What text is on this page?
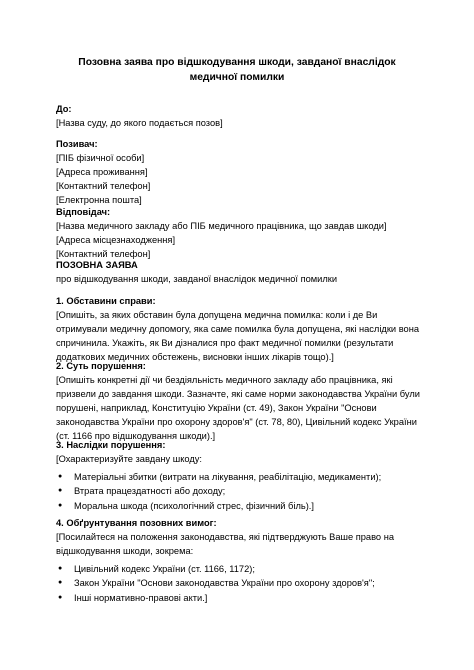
Позовна заява про відшкодування шкоди, завданої внаслідок медичної помилки
До:
[Назва суду, до якого подається позов]
Позивач:
[ПІБ фізичної особи]
[Адреса проживання]
[Контактний телефон]
[Електронна пошта]
Відповідач:
[Назва медичного закладу або ПІБ медичного працівника, що завдав шкоди]
[Адреса місцезнаходження]
[Контактний телефон]
ПОЗОВНА ЗАЯВА
про відшкодування шкоди, завданої внаслідок медичної помилки
1. Обставини справи:
[Опишіть, за яких обставин була допущена медична помилка: коли і де Ви отримували медичну допомогу, яка саме помилка була допущена, які наслідки вона спричинила. Укажіть, як Ви дізналися про факт медичної помилки (результати додаткових медичних обстежень, висновки інших лікарів тощо).]
2. Суть порушення:
[Опишіть конкретні дії чи бездіяльність медичного закладу або працівника, які призвели до завдання шкоди. Зазначте, які саме норми законодавства України були порушені, наприклад, Конституцію України (ст. 49), Закон України "Основи законодавства України про охорону здоров'я" (ст. 78, 80), Цивільний кодекс України (ст. 1166 про відшкодування шкоди).]
3. Наслідки порушення:
[Охарактеризуйте завдану шкоду:
● Матеріальні збитки (витрати на лікування, реабілітацію, медикаменти);
● Втрата працездатності або доходу;
● Моральна шкода (психологічний стрес, фізичний біль).]
4. Обґрунтування позовних вимог:
[Посилайтеся на положення законодавства, які підтверджують Ваше право на відшкодування шкоди, зокрема:
● Цивільний кодекс України (ст. 1166, 1172);
● Закон України "Основи законодавства України про охорону здоров'я";
● Інші нормативно-правові акти.]
